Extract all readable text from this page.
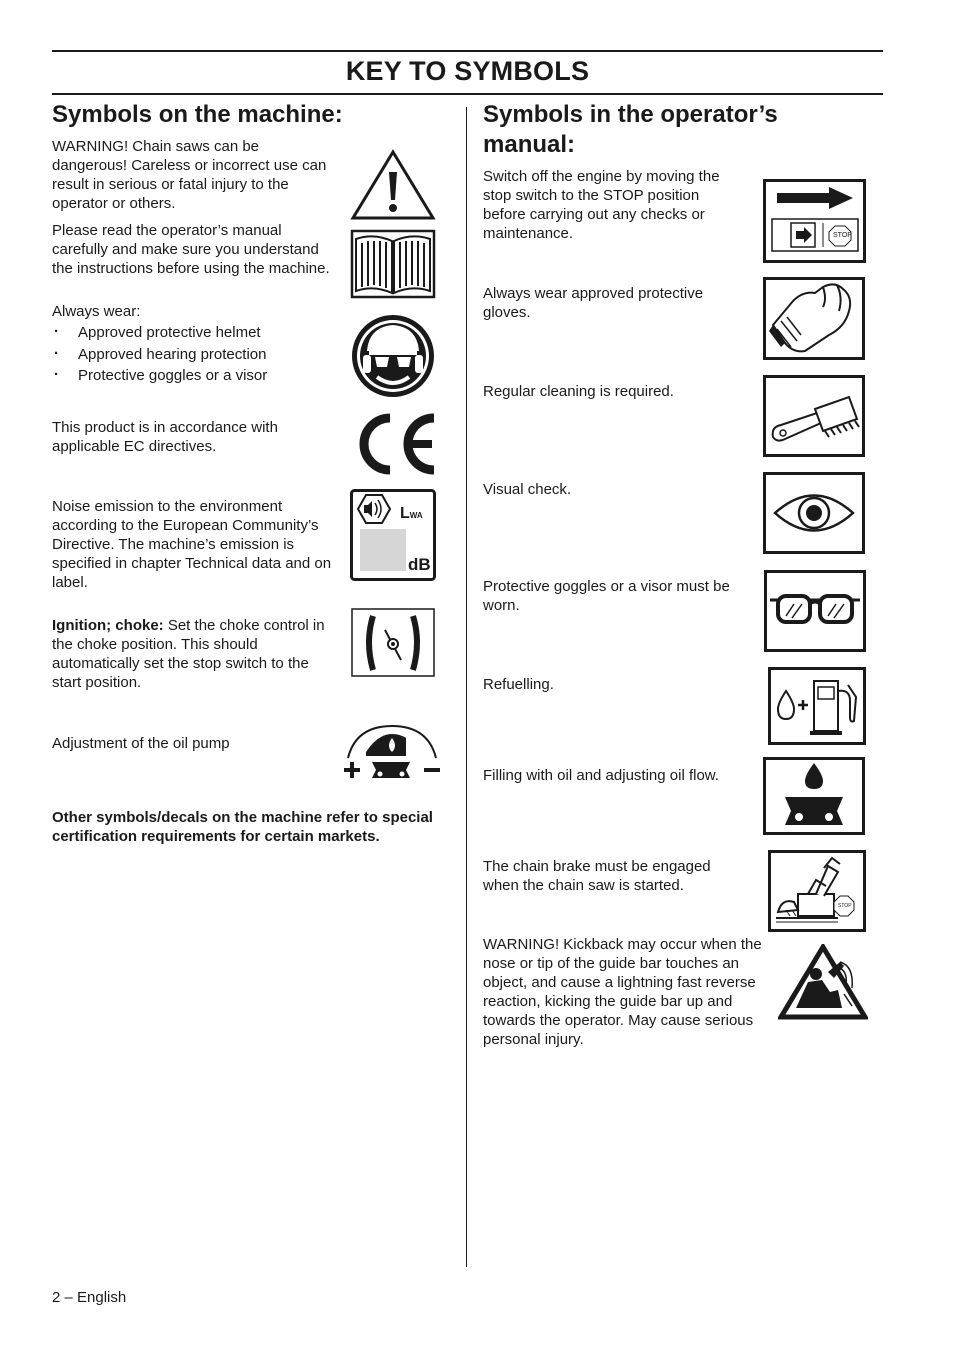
KEY TO SYMBOLS
Symbols on the machine:
WARNING! Chain saws can be dangerous! Careless or incorrect use can result in serious or fatal injury to the operator or others.
Please read the operator’s manual carefully and make sure you understand the instructions before using the machine.
Always wear:
· Approved protective helmet
· Approved hearing protection
· Protective goggles or a visor
This product is in accordance with applicable EC directives.
Noise emission to the environment according to the European Community’s Directive. The machine’s emission is specified in chapter Technical data and on label.
LWA
dB
Ignition; choke: Set the choke control in the choke position. This should automatically set the stop switch to the start position.
Adjustment of the oil pump
Other symbols/decals on the machine refer to special certification requirements for certain markets.
Symbols in the operator’s manual:
Switch off the engine by moving the stop switch to the STOP position before carrying out any checks or maintenance.	STOP
Always wear approved protective gloves.
Regular cleaning is required.
Visual check.
Protective goggles or a visor must be worn.
Refuelling.
Filling with oil and adjusting oil flow.
The chain brake must be engaged when the chain saw is started.
STOP
WARNING! Kickback may occur when the nose or tip of the guide bar touches an object, and cause a lightning fast reverse reaction, kicking the guide bar up and towards the operator. May cause serious personal injury.
2 – English
